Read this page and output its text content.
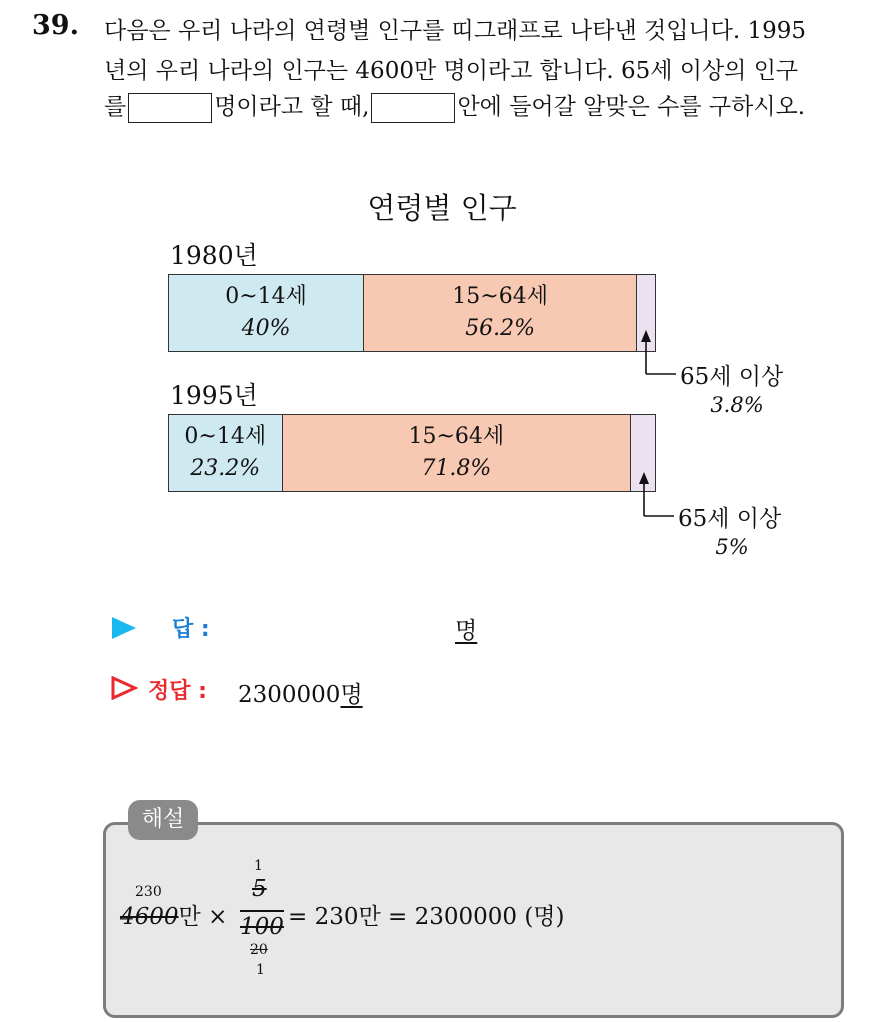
39. 다음은 우리 나라의 연령별 인구를 띠그래프로 나타낸 것입니다. 1995
년의 우리 나라의 인구는 4600만 명이라고 합니다. 65세 이상의 인구
를	명이라고 할 때,	안에 들어갈 알맞은 수를 구하시오.
연령별 인구
1980년
0~14세
40%
15~64세
56.2%
1995년
0~14세
23.2%
15~64세
71.8%
65세 이상
3.8%
65세 이상
5%
답 :	명
정답 : 2300000명
해설
230
4600만 ×
1
5
100
20
1
= 230만 = 2300000 (명)
